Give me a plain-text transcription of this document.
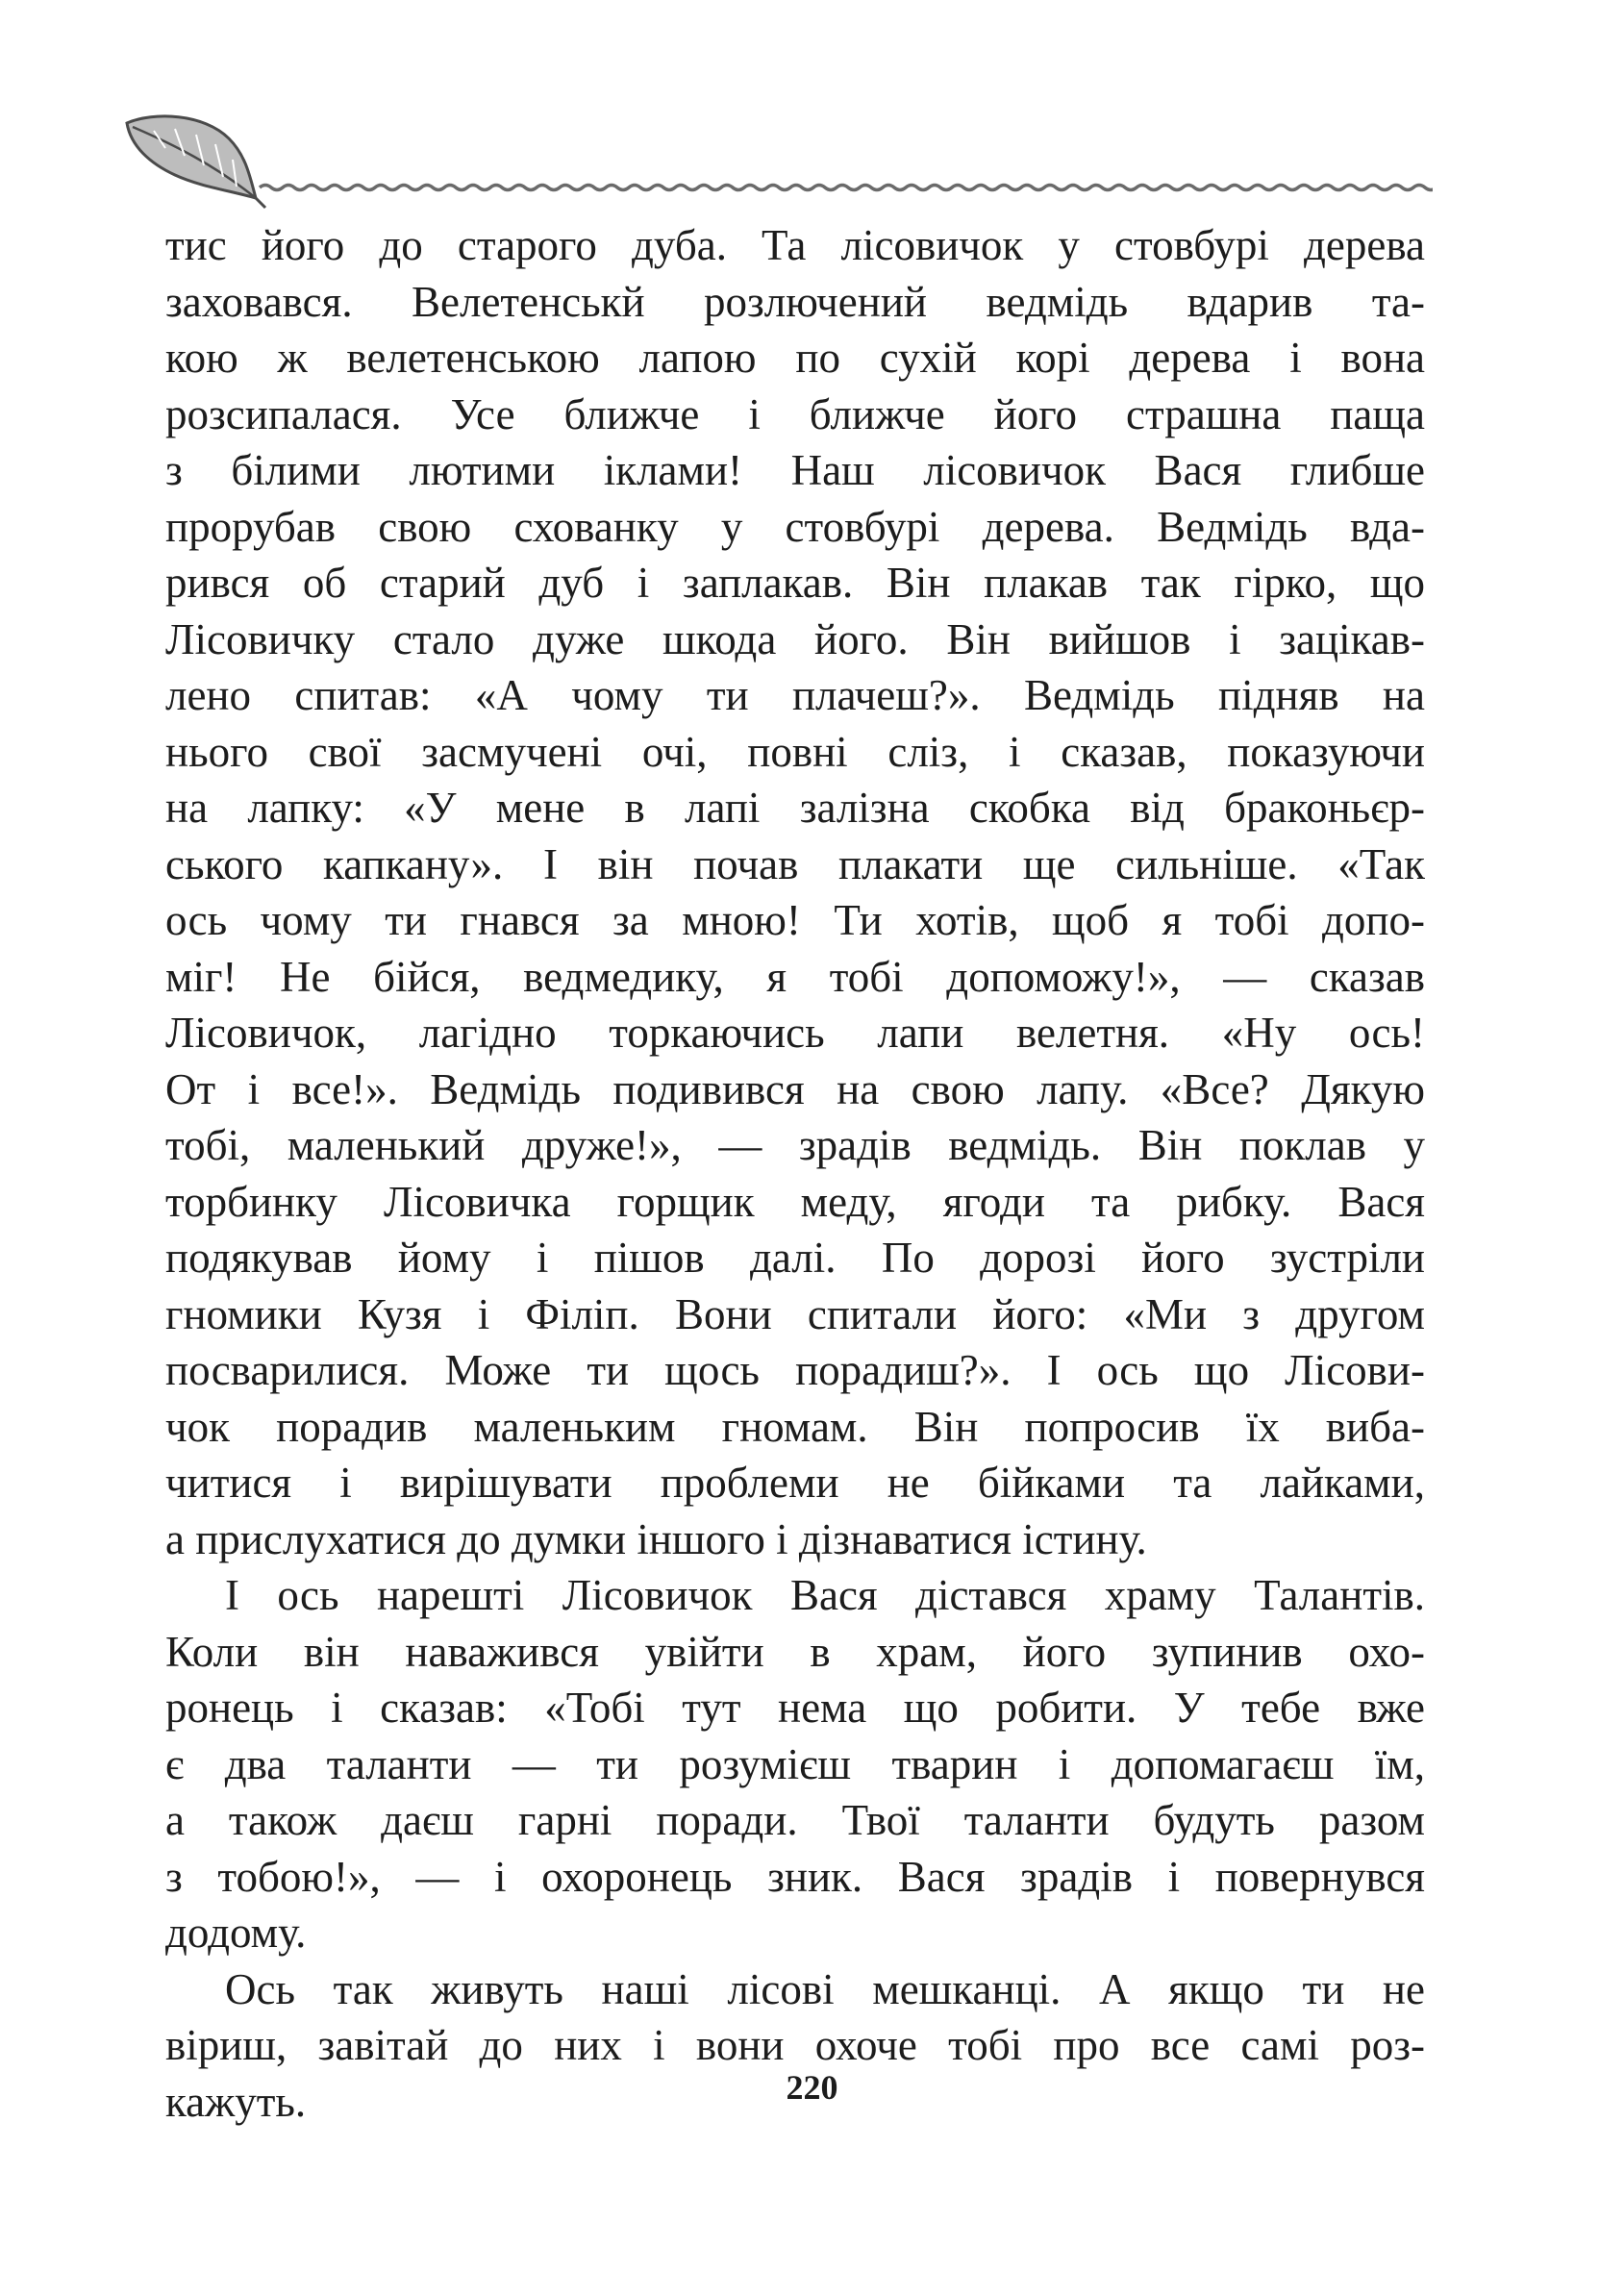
тис його до старого дуба. Та лісовичок у стовбурі дерева
заховався. Велетенськй розлючений ведмідь вдарив та-
кою ж велетенською лапою по сухій корі дерева і вона
розсипалася. Усе ближче і ближче його страшна паща
з білими лютими іклами! Наш лісовичок Вася глибше
прорубав свою схованку у стовбурі дерева. Ведмідь вда-
рився об старий дуб і заплакав. Він плакав так гірко, що
Лісовичку стало дуже шкода його. Він вийшов і зацікав-
лено спитав: «А чому ти плачеш?». Ведмідь підняв на
нього свої засмучені очі, повні сліз, і сказав, показуючи
на лапку: «У мене в лапі залізна скобка від браконьєр-
ського капкану». І він почав плакати ще сильніше. «Так
ось чому ти гнався за мною! Ти хотів, щоб я тобі допо-
міг! Не бійся, ведмедику, я тобі допоможу!», — сказав
Лісовичок, лагідно торкаючись лапи велетня. «Ну ось!
От і все!». Ведмідь подивився на свою лапу. «Все? Дякую
тобі, маленький друже!», — зрадів ведмідь. Він поклав у
торбинку Лісовичка горщик меду, ягоди та рибку. Вася
подякував йому і пішов далі. По дорозі його зустріли
гномики Кузя і Філіп. Вони спитали його: «Ми з другом
посварилися. Може ти щось порадиш?». І ось що Лісови-
чок порадив маленьким гномам. Він попросив їх виба-
читися і вирішувати проблеми не бійками та лайками,
а прислухатися до думки іншого і дізнаватися істину.
І ось нарешті Лісовичок Вася дістався храму Талантів.
Коли він наважився увійти в храм, його зупинив охо-
ронець і сказав: «Тобі тут нема що робити. У тебе вже
є два таланти — ти розумієш тварин і допомагаєш їм,
а також даєш гарні поради. Твої таланти будуть разом
з тобою!», — і охоронець зник. Вася зрадів і повернувся
додому.
Ось так живуть наші лісові мешканці. А якщо ти не
віриш, завітай до них і вони охоче тобі про все самі роз-
кажуть.	220
